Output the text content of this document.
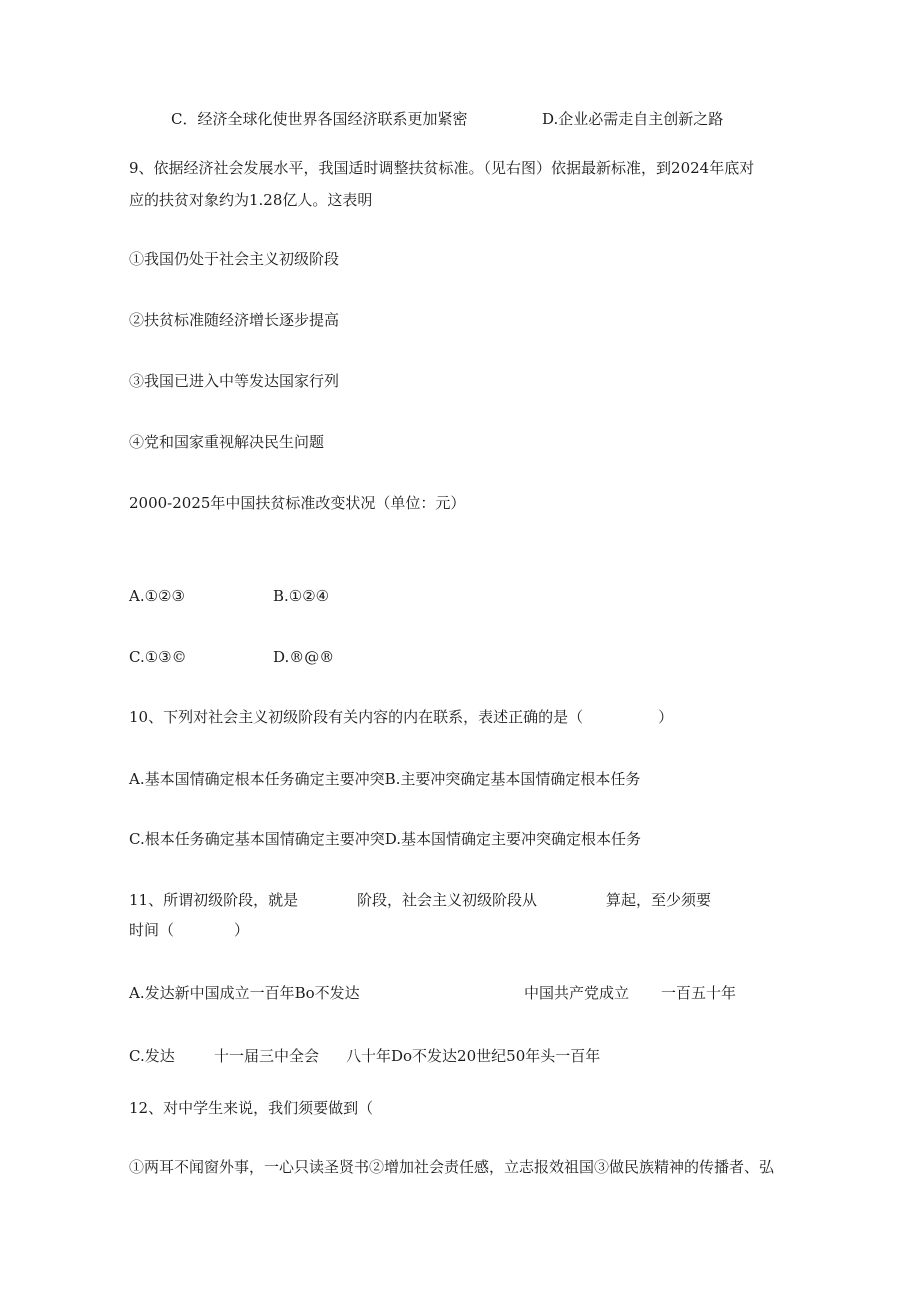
C．经济全球化使世界各国经济联系更加紧密	D.企业必需走自主创新之路
9、依据经济社会发展水平，我国适时调整扶贫标准。（见右图）依据最新标准，到2024年底对
应的扶贫对象约为1.28亿人。这表明
①我国仍处于社会主义初级阶段
②扶贫标准随经济增长逐步提高
③我国已进入中等发达国家行列
④党和国家重视解决民生问题
2000-2025年中国扶贫标准改变状况（单位：元）
A.①②③	B.①②④
C.①③©	D.®@®
10、下列对社会主义初级阶段有关内容的内在联系，表述正确的是（　　　　　）
A.基本国情确定根本任务确定主要冲突B.主要冲突确定基本国情确定根本任务
C.根本任务确定基本国情确定主要冲突D.基本国情确定主要冲突确定根本任务
11、所谓初级阶段，就是	阶段，社会主义初级阶段从	算起，至少须要
时间（　　　　）
A.发达新中国成立一百年Bo不发达	中国共产党成立 一百五十年
C.发达	十一届三中全会 八十年Do不发达20世纪50年头一百年
12、对中学生来说，我们须要做到（
①两耳不闻窗外事，一心只读圣贤书②增加社会责任感，立志报效祖国③做民族精神的传播者、弘
